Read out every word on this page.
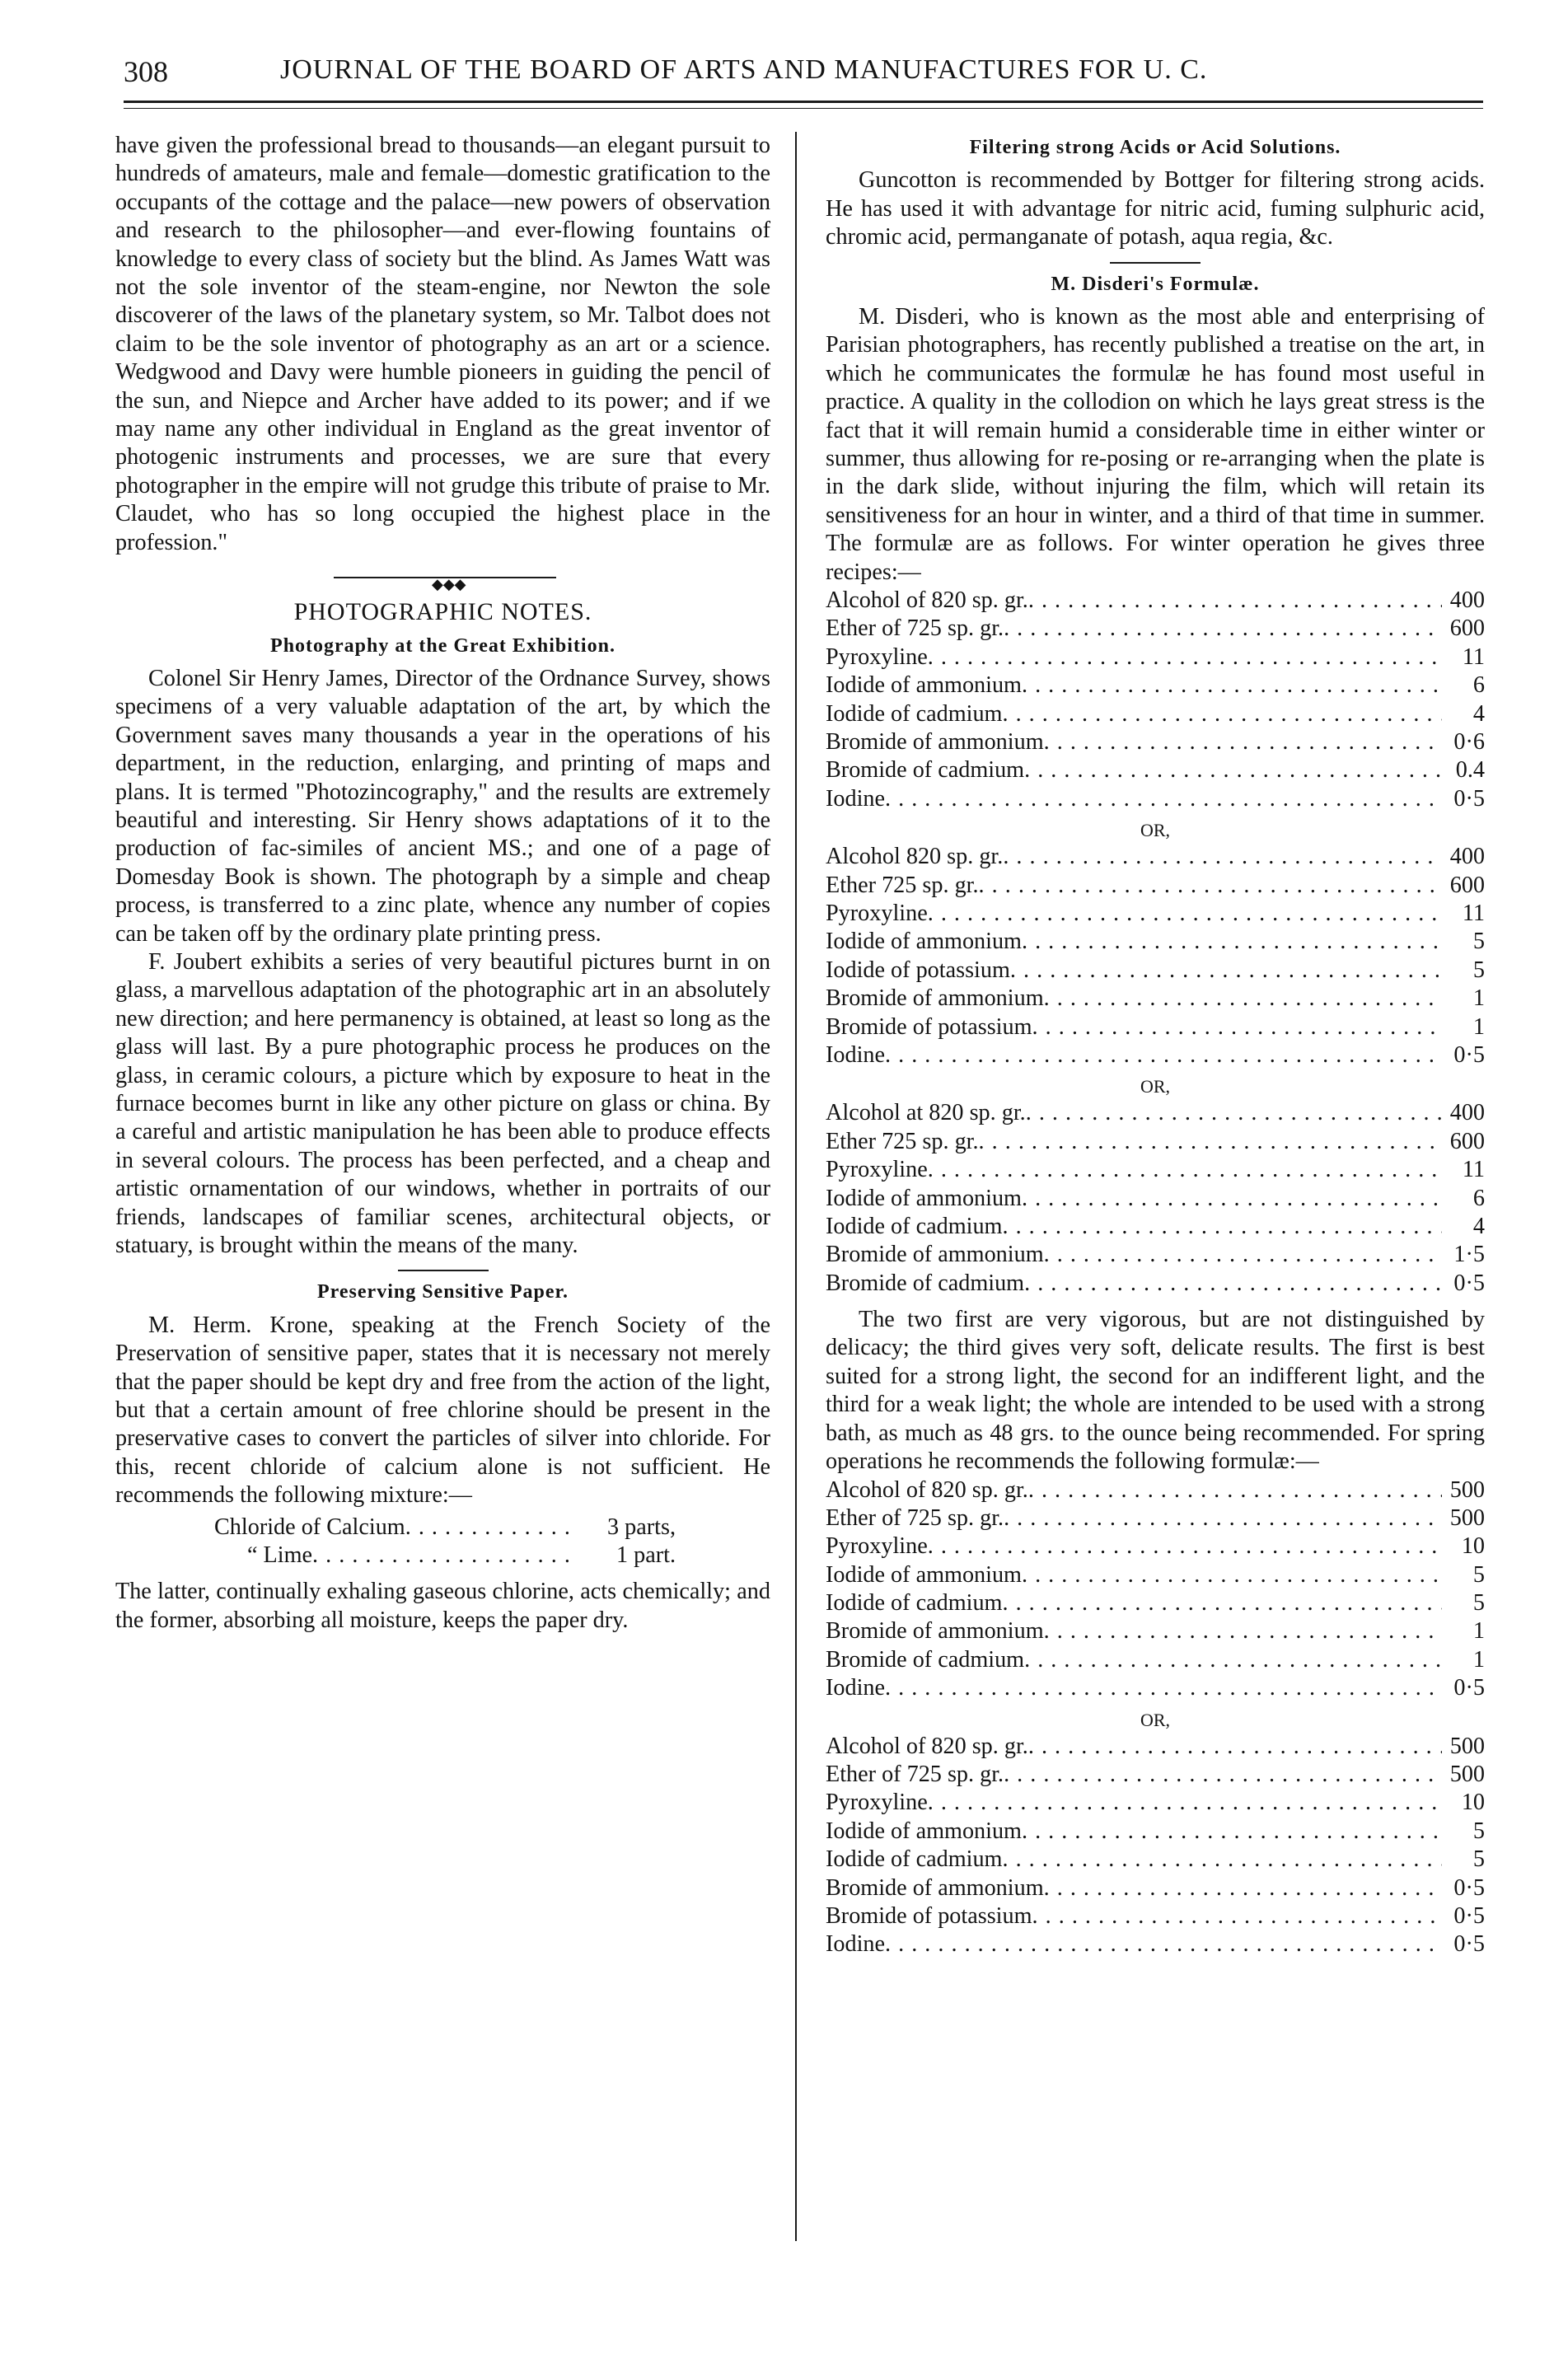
308	JOURNAL OF THE BOARD OF ARTS AND MANUFACTURES FOR U. C.

have given the professional bread to thousands—an elegant pursuit to hundreds of amateurs, male and female—domestic gratification to the occupants of the cottage and the palace—new powers of observation and research to the philosopher—and ever-flowing fountains of knowledge to every class of society but the blind. As James Watt was not the sole inventor of the steam-engine, nor Newton the sole discoverer of the laws of the planetary system, so Mr. Talbot does not claim to be the sole inventor of photography as an art or a science. Wedgwood and Davy were humble pioneers in guiding the pencil of the sun, and Niepce and Archer have added to its power; and if we may name any other individual in England as the great inventor of photogenic instruments and processes, we are sure that every photographer in the empire will not grudge this tribute of praise to Mr. Claudet, who has so long occupied the highest place in the profession."

◆◆◆
PHOTOGRAPHIC NOTES.
Photography at the Great Exhibition.

Colonel Sir Henry James, Director of the Ordnance Survey, shows specimens of a very valuable adaptation of the art, by which the Government saves many thousands a year in the operations of his department, in the reduction, enlarging, and printing of maps and plans. It is termed "Photozincography," and the results are extremely beautiful and interesting. Sir Henry shows adaptations of it to the production of fac-similes of ancient MS.; and one of a page of Domesday Book is shown. The photograph by a simple and cheap process, is transferred to a zinc plate, whence any number of copies can be taken off by the ordinary plate printing press.

F. Joubert exhibits a series of very beautiful pictures burnt in on glass, a marvellous adaptation of the photographic art in an absolutely new direction; and here permanency is obtained, at least so long as the glass will last. By a pure photographic process he produces on the glass, in ceramic colours, a picture which by exposure to heat in the furnace becomes burnt in like any other picture on glass or china. By a careful and artistic manipulation he has been able to produce effects in several colours. The process has been perfected, and a cheap and artistic ornamentation of our windows, whether in portraits of our friends, landscapes of familiar scenes, architectural objects, or statuary, is brought within the means of the many.

Preserving Sensitive Paper.

M. Herm. Krone, speaking at the French Society of the Preservation of sensitive paper, states that it is necessary not merely that the paper should be kept dry and free from the action of the light, but that a certain amount of free chlorine should be present in the preservative cases to convert the particles of silver into chloride. For this, recent chloride of calcium alone is not sufficient. He recommends the following mixture:—

Chloride of Calcium . . .	3 parts,
“ Lime . . .	1 part.

The latter, continually exhaling gaseous chlorine, acts chemically; and the former, absorbing all moisture, keeps the paper dry.

Filtering strong Acids or Acid Solutions.

Guncotton is recommended by Bottger for filtering strong acids. He has used it with advantage for nitric acid, fuming sulphuric acid, chromic acid, permanganate of potash, aqua regia, &c.

M. Disderi's Formulæ.

M. Disderi, who is known as the most able and enterprising of Parisian photographers, has recently published a treatise on the art, in which he communicates the formulæ he has found most useful in practice. A quality in the collodion on which he lays great stress is the fact that it will remain humid a considerable time in either winter or summer, thus allowing for re-posing or re-arranging when the plate is in the dark slide, without injuring the film, which will retain its sensitiveness for an hour in winter, and a third of that time in summer. The formulæ are as follows. For winter operation he gives three recipes:—

Alcohol of 820 sp. gr. . . .	400
Ether of 725 sp. gr. . . .	600
Pyroxyline . . .	11
Iodide of ammonium . . .	6
Iodide of cadmium . . .	4
Bromide of ammonium . . .	0·6
Bromide of cadmium . . .	0.4
Iodine . . .	0·5
OR,
Alcohol 820 sp. gr. . . .	400
Ether 725 sp. gr. . . .	600
Pyroxyline . . .	11
Iodide of ammonium . . .	5
Iodide of potassium . . .	5
Bromide of ammonium . . .	1
Bromide of potassium . . .	1
Iodine . . .	0·5
OR,
Alcohol at 820 sp. gr. . . .	400
Ether 725 sp. gr. . . .	600
Pyroxyline . . .	11
Iodide of ammonium . . .	6
Iodide of cadmium . . .	4
Bromide of ammonium . . .	1·5
Bromide of cadmium . . .	0·5

The two first are very vigorous, but are not distinguished by delicacy; the third gives very soft, delicate results. The first is best suited for a strong light, the second for an indifferent light, and the third for a weak light; the whole are intended to be used with a strong bath, as much as 48 grs. to the ounce being recommended. For spring operations he recommends the following formulæ:—

Alcohol of 820 sp. gr. . . .	500
Ether of 725 sp. gr. . . .	500
Pyroxyline . . .	10
Iodide of ammonium . . .	5
Iodide of cadmium . . .	5
Bromide of ammonium . . .	1
Bromide of cadmium . . .	1
Iodine . . .	0·5
OR,
Alcohol of 820 sp. gr. . . .	500
Ether of 725 sp. gr. . . .	500
Pyroxyline . . .	10
Iodide of ammonium . . .	5
Iodide of cadmium . . .	5
Bromide of ammonium . . .	0·5
Bromide of potassium . . .	0·5
Iodine . . .	0·5
